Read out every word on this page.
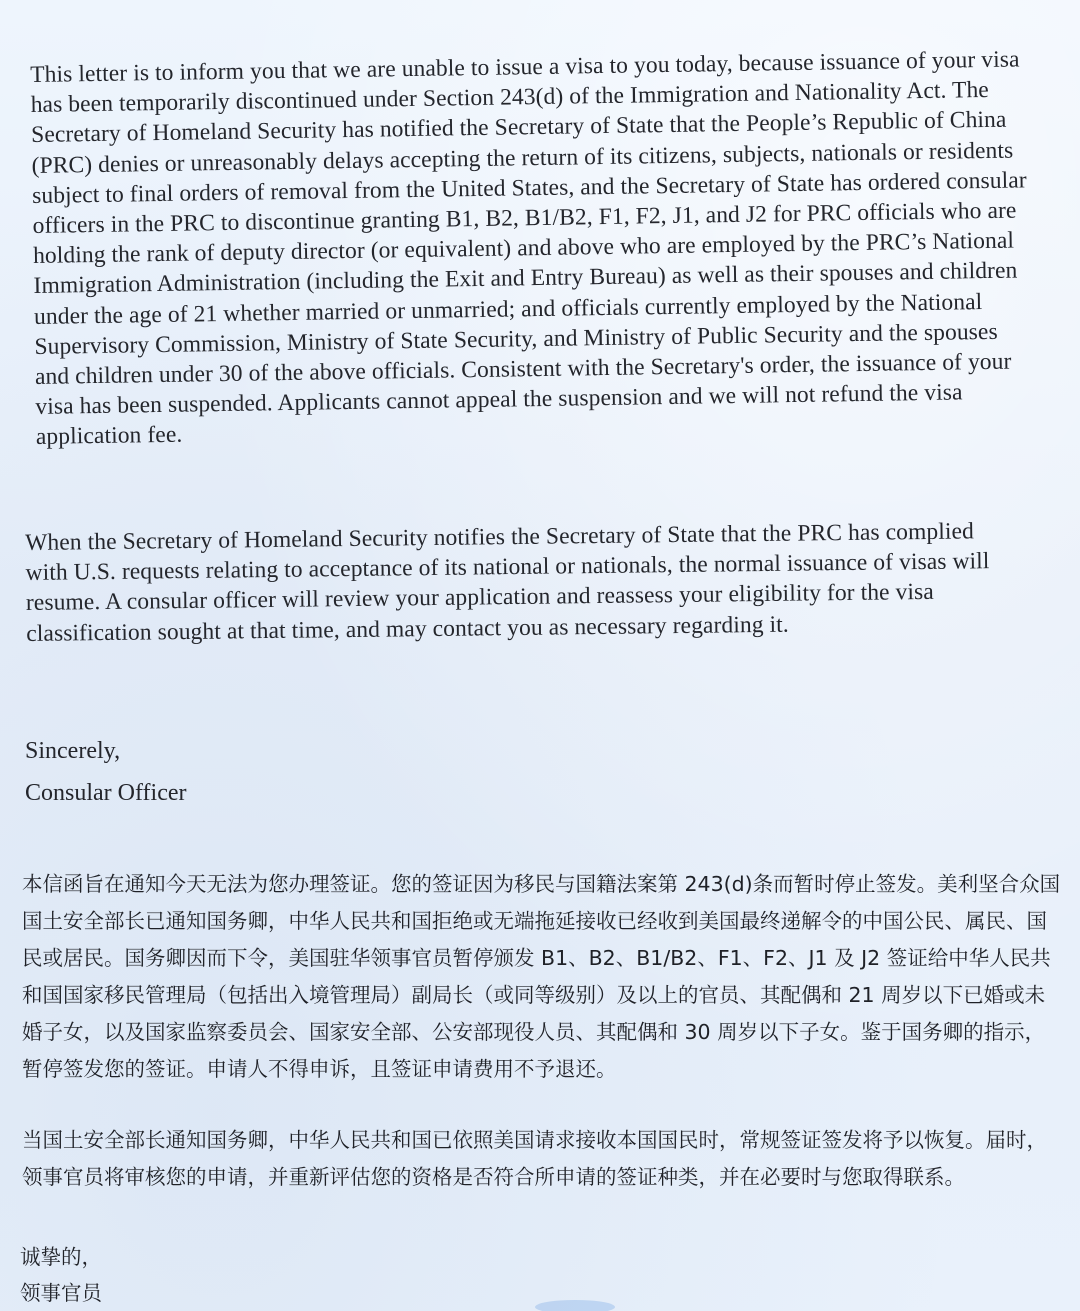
This letter is to inform you that we are unable to issue a visa to you today, because issuance of your visa has been temporarily discontinued under Section 243(d) of the Immigration and Nationality Act. The Secretary of Homeland Security has notified the Secretary of State that the People’s Republic of China (PRC) denies or unreasonably delays accepting the return of its citizens, subjects, nationals or residents subject to final orders of removal from the United States, and the Secretary of State has ordered consular officers in the PRC to discontinue granting B1, B2, B1/B2, F1, F2, J1, and J2 for PRC officials who are holding the rank of deputy director (or equivalent) and above who are employed by the PRC’s National Immigration Administration (including the Exit and Entry Bureau) as well as their spouses and children under the age of 21 whether married or unmarried; and officials currently employed by the National Supervisory Commission, Ministry of State Security, and Ministry of Public Security and the spouses and children under 30 of the above officials. Consistent with the Secretary's order, the issuance of your visa has been suspended. Applicants cannot appeal the suspension and we will not refund the visa application fee.

When the Secretary of Homeland Security notifies the Secretary of State that the PRC has complied with U.S. requests relating to acceptance of its national or nationals, the normal issuance of visas will resume. A consular officer will review your application and reassess your eligibility for the visa classification sought at that time, and may contact you as necessary regarding it.

Sincerely,

Consular Officer

本信函旨在通知今天无法为您办理签证。您的签证因为移民与国籍法案第 243(d)条而暂时停止签发。美利坚合众国国土安全部长已通知国务卿，中华人民共和国拒绝或无端拖延接收已经收到美国最终递解令的中国公民、属民、国民或居民。国务卿因而下令，美国驻华领事官员暂停颁发 B1、B2、B1/B2、F1、F2、J1 及 J2 签证给中华人民共和国国家移民管理局（包括出入境管理局）副局长（或同等级别）及以上的官员、其配偶和 21 周岁以下已婚或未婚子女，以及国家监察委员会、国家安全部、公安部现役人员、其配偶和 30 周岁以下子女。鉴于国务卿的指示，暂停签发您的签证。申请人不得申诉，且签证申请费用不予退还。

当国土安全部长通知国务卿，中华人民共和国已依照美国请求接收本国国民时，常规签证签发将予以恢复。届时，领事官员将审核您的申请，并重新评估您的资格是否符合所申请的签证种类，并在必要时与您取得联系。

诚挚的，

领事官员
